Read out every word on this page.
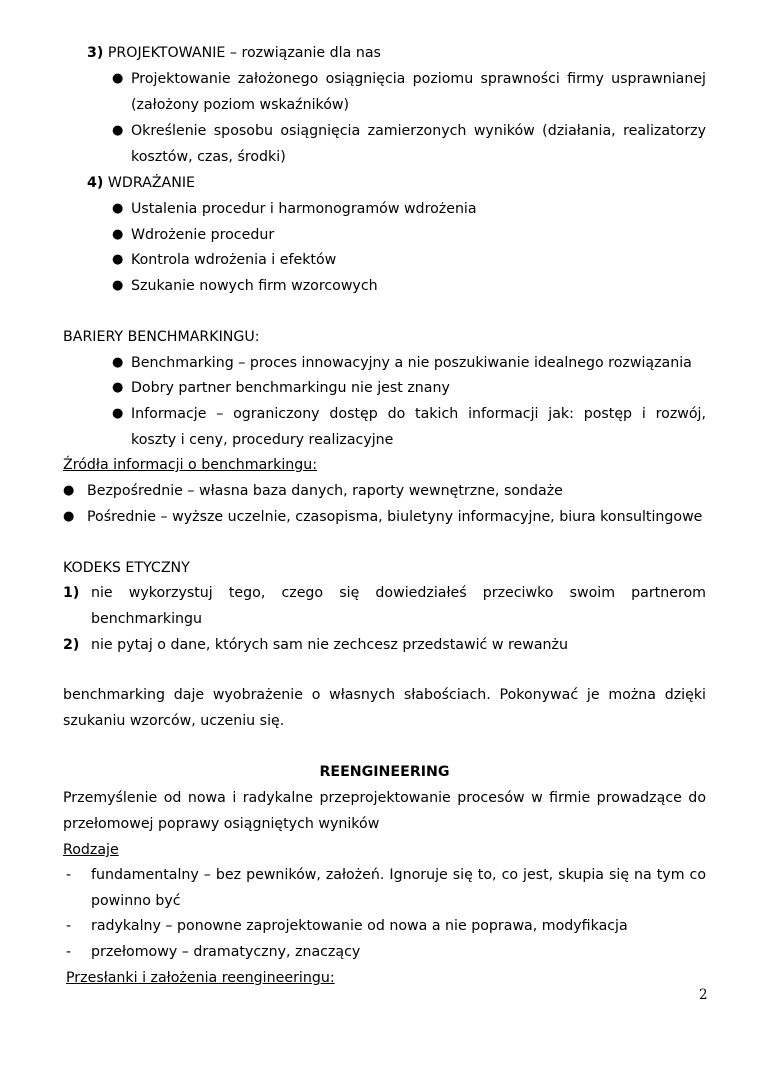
3) PROJEKTOWANIE – rozwiązanie dla nas
● Projektowanie założonego osiągnięcia poziomu sprawności firmy usprawnianej
(założony poziom wskaźników)
● Określenie sposobu osiągnięcia zamierzonych wyników (działania, realizatorzy
kosztów, czas, środki)
4) WDRAŻANIE
● Ustalenia procedur i harmonogramów wdrożenia
● Wdrożenie procedur
● Kontrola wdrożenia i efektów
● Szukanie nowych firm wzorcowych
BARIERY BENCHMARKINGU:
● Benchmarking – proces innowacyjny a nie poszukiwanie idealnego rozwiązania
● Dobry partner benchmarkingu nie jest znany
● Informacje – ograniczony dostęp do takich informacji jak: postęp i rozwój,
koszty i ceny, procedury realizacyjne
Źródła informacji o benchmarkingu:
● Bezpośrednie – własna baza danych, raporty wewnętrzne, sondaże
● Pośrednie – wyższe uczelnie, czasopisma, biuletyny informacyjne, biura konsultingowe
KODEKS ETYCZNY
1) nie wykorzystuj tego, czego się dowiedziałeś przeciwko swoim partnerom
benchmarkingu
2) nie pytaj o dane, których sam nie zechcesz przedstawić w rewanżu
benchmarking daje wyobrażenie o własnych słabościach. Pokonywać je można dzięki
szukaniu wzorców, uczeniu się.
REENGINEERING
Przemyślenie od nowa i radykalne przeprojektowanie procesów w firmie prowadzące do
przełomowej poprawy osiągniętych wyników
Rodzaje
- fundamentalny – bez pewników, założeń. Ignoruje się to, co jest, skupia się na tym co
powinno być
- radykalny – ponowne zaprojektowanie od nowa a nie poprawa, modyfikacja
- przełomowy – dramatyczny, znaczący
Przesłanki i założenia reengineeringu:
2
